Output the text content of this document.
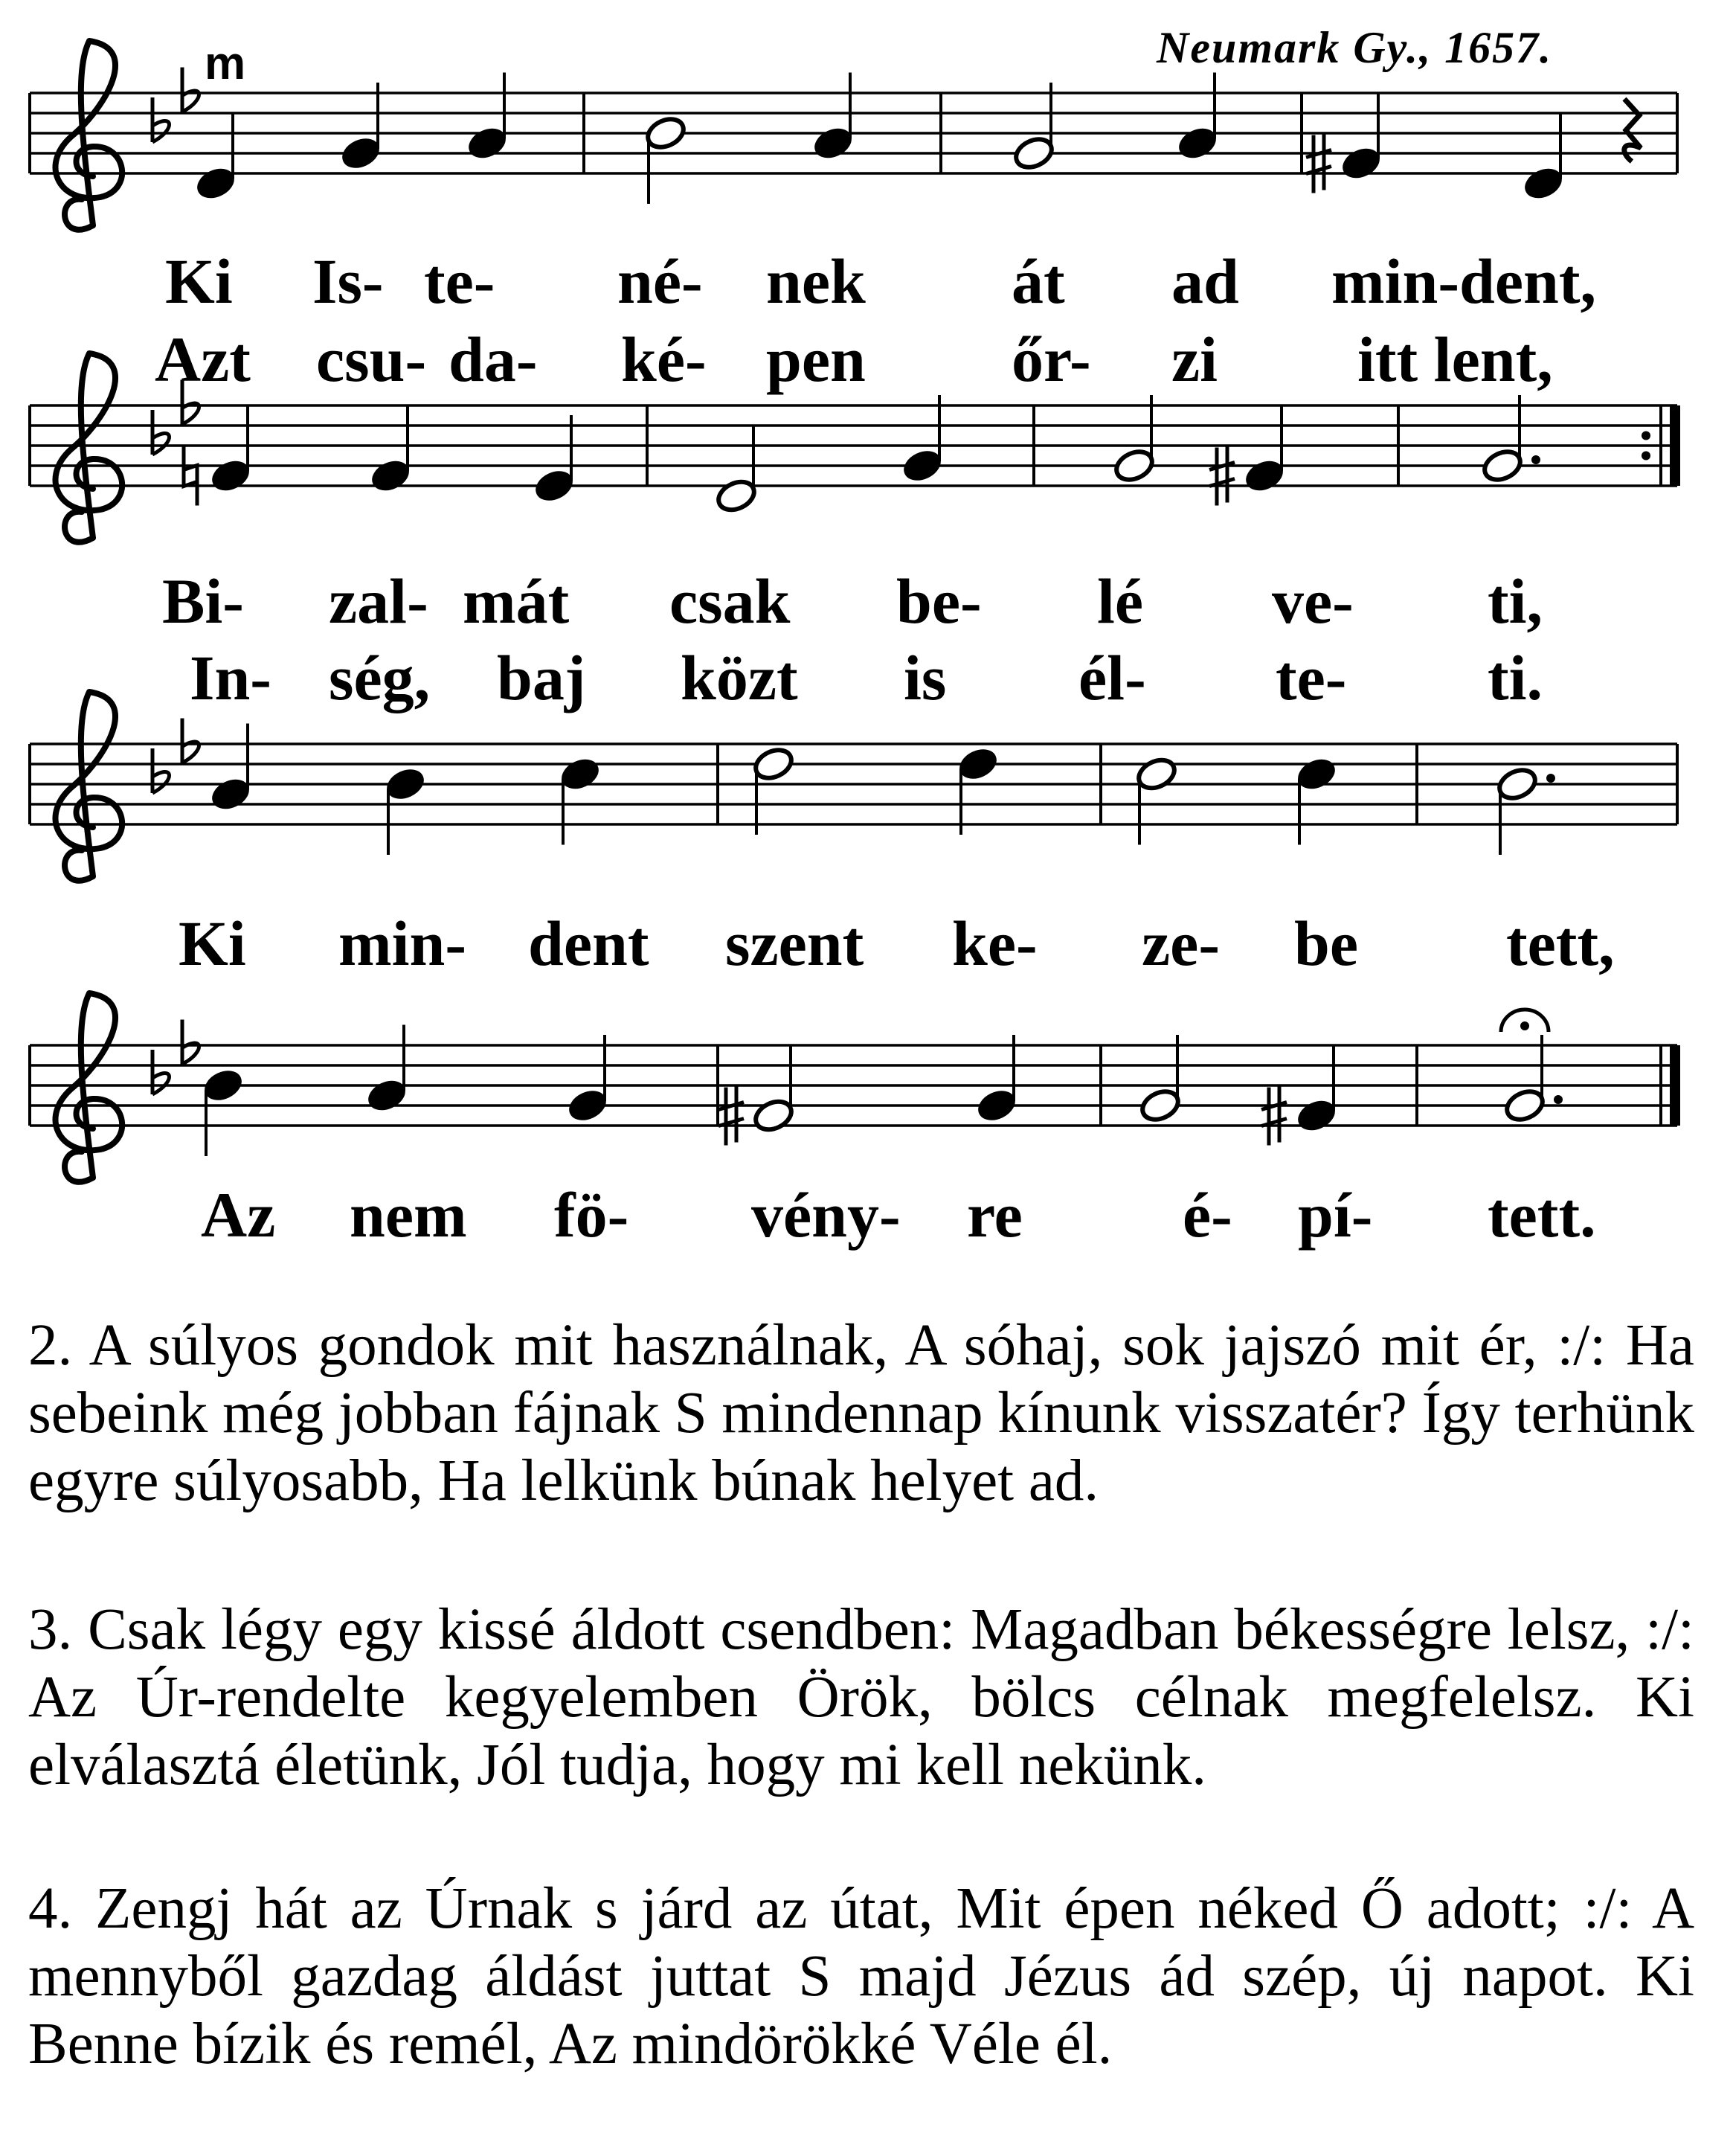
Neumark Gy., 1657.
m
Ki Is- te- né- nek át ad min-dent,
Azt csu- da- ké- pen őr- zi itt lent,
Bi- zal- mát csak be- lé ve- ti,
In- ség, baj közt is él- te- ti.
Ki min- dent szent ke- ze- be tett,
Az nem fö- vény- re	é- pí- tett.
2. A súlyos gondok mit használnak, A sóhaj, sok jajszó mit ér, :/: Ha sebeink még jobban fájnak S mindennap kínunk visszatér? Így terhünk egyre súlyosabb, Ha lelkünk búnak helyet ad.
3. Csak légy egy kissé áldott csendben: Magadban békességre lelsz, :/: Az Úr-rendelte kegyelemben Örök, bölcs célnak megfelelsz. Ki elválasztá életünk, Jól tudja, hogy mi kell nekünk.
4. Zengj hát az Úrnak s járd az útat, Mit épen néked Ő adott; :/: A mennyből gazdag áldást juttat S majd Jézus ád szép, új napot. Ki Benne bízik és remél, Az mindörökké Véle él.
